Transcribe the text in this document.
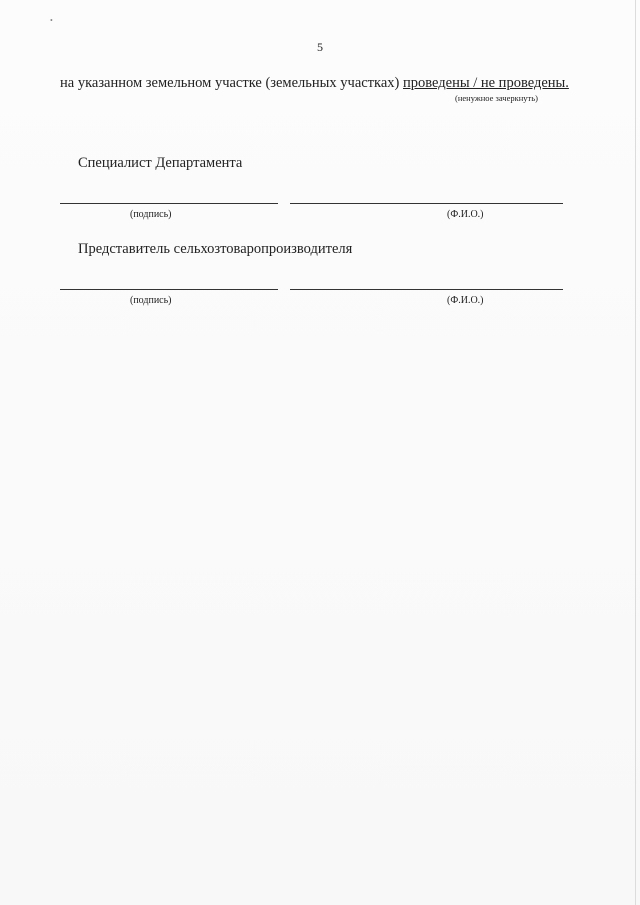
•
5
на указанном земельном участке (земельных участках) проведены / не проведены.
(ненужное зачеркнуть)
Специалист Департамента
(подпись)	(Ф.И.О.)
Представитель сельхозтоваропроизводителя
(подпись)	(Ф.И.О.)
